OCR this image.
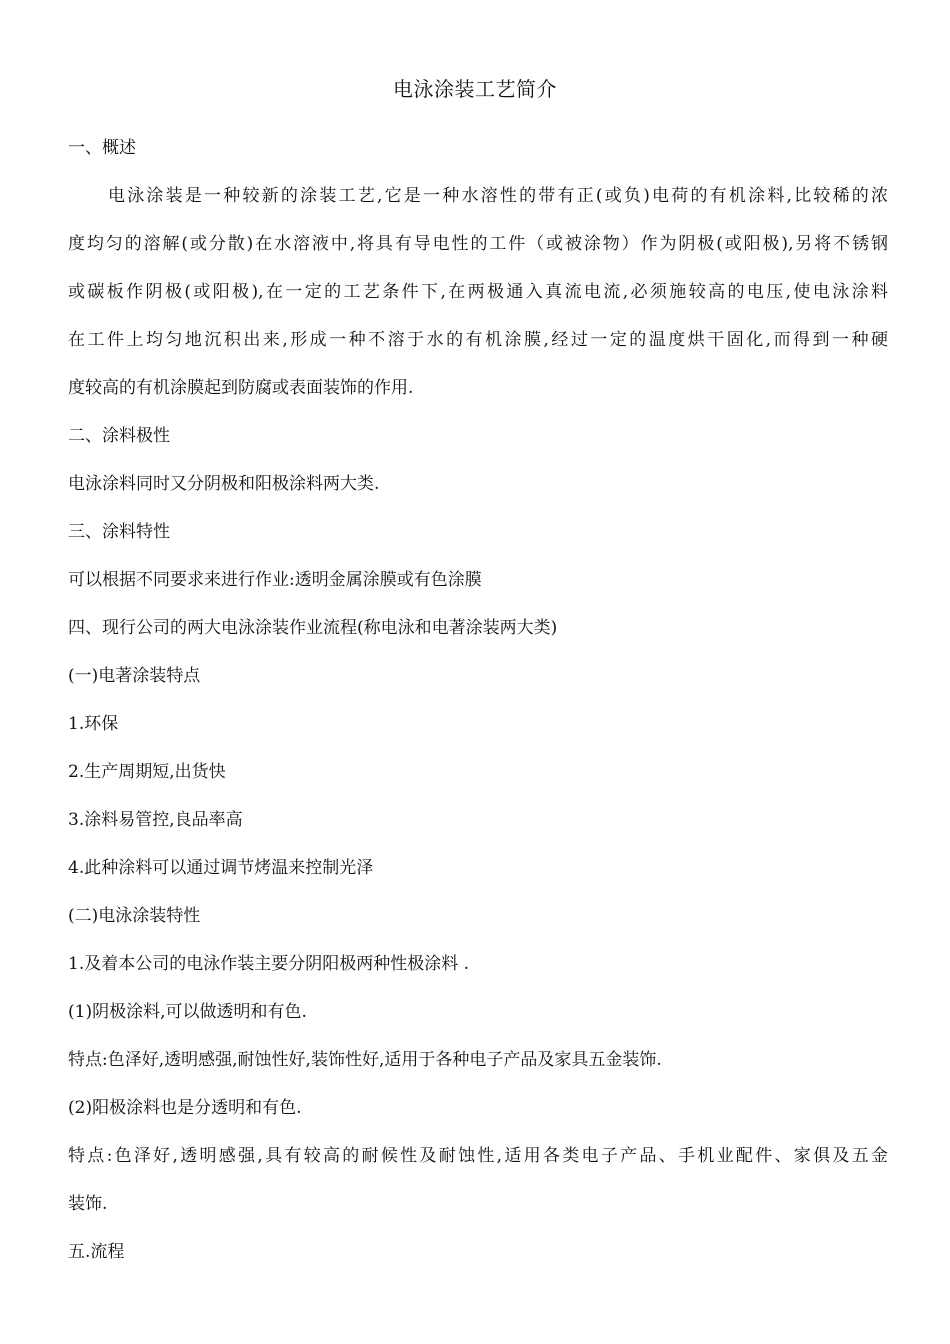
电泳涂装工艺简介
一、概述
电泳涂装是一种较新的涂装工艺,它是一种水溶性的带有正(或负)电荷的有机涂料,比较稀的浓
度均匀的溶解(或分散)在水溶液中,将具有导电性的工件（或被涂物）作为阴极(或阳极),另将不锈钢
或碳板作阴极(或阳极),在一定的工艺条件下,在两极通入真流电流,必须施较高的电压,使电泳涂料
在工件上均匀地沉积出来,形成一种不溶于水的有机涂膜,经过一定的温度烘干固化,而得到一种硬
度较高的有机涂膜起到防腐或表面装饰的作用.
二、涂料极性
电泳涂料同时又分阴极和阳极涂料两大类.
三、涂料特性
可以根据不同要求来进行作业:透明金属涂膜或有色涂膜
四、现行公司的两大电泳涂装作业流程(称电泳和电著涂装两大类)
(一)电著涂装特点
1.环保
2.生产周期短,出货快
3.涂料易管控,良品率高
4.此种涂料可以通过调节烤温来控制光泽
(二)电泳涂装特性
1.及着本公司的电泳作装主要分阴阳极两种性极涂料 .
(1)阴极涂料,可以做透明和有色.
特点:色泽好,透明感强,耐蚀性好,装饰性好,适用于各种电子产品及家具五金装饰.
(2)阳极涂料也是分透明和有色.
特点:色泽好,透明感强,具有较高的耐候性及耐蚀性,适用各类电子产品、手机业配件、家俱及五金
装饰.
五.流程
